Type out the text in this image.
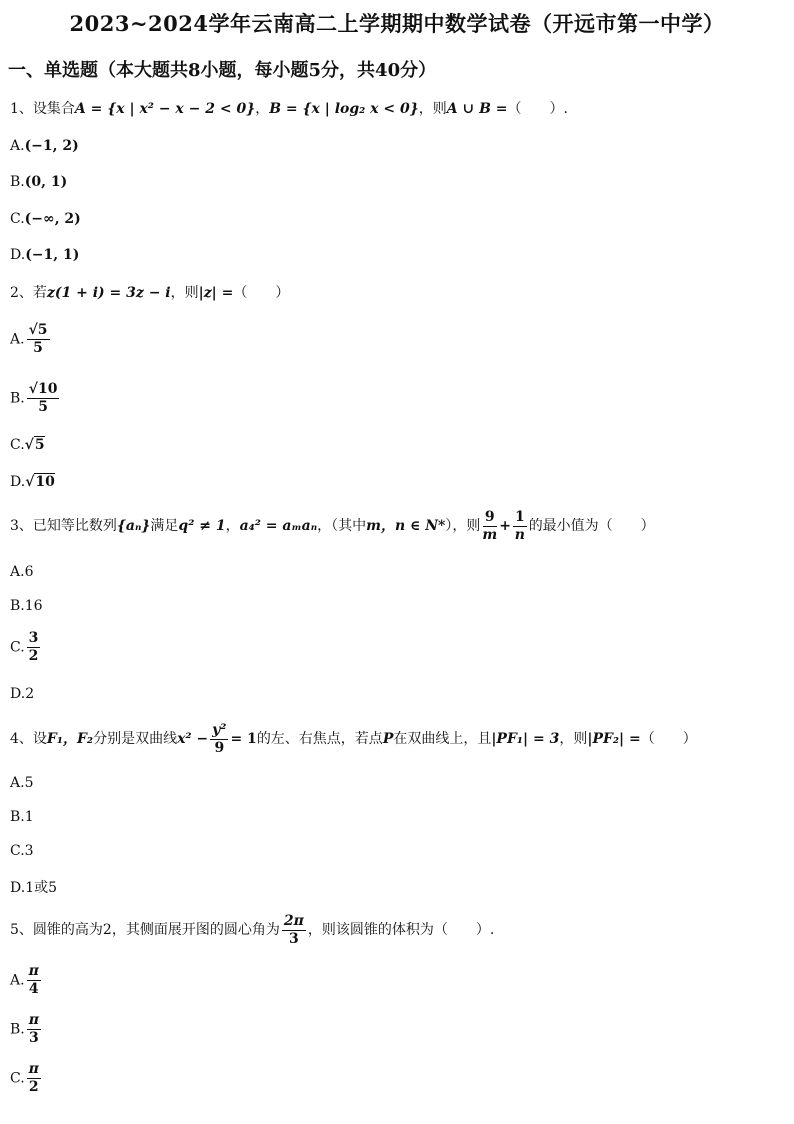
2023~2024学年云南高二上学期期中数学试卷（开远市第一中学）
一、单选题（本大题共8小题，每小题5分，共40分）
1、设集合A = {x | x² − x − 2 < 0}，B = {x | log₂ x < 0}，则A ∪ B =（　　）.
A.(−1, 2)
B.(0, 1)
C.(−∞, 2)
D.(−1, 1)
2、若z(1 + i) = 3z − i，则|z| =（　　）
A. $\frac{√5}{5}$
B. $\frac{√10}{5}$
C.√5
D.√10
3、已知等比数列{aₙ}满足q² ≠ 1，a₄² = aₘaₙ，（其中m，n ∈ N*），则 $\frac{9}{m} + \frac{1}{n}$ 的最小值为（　　）
A.6
B.16
C. $\frac{3}{2}$
D.2
4、设F₁，F₂分别是双曲线$x^2 - \frac{\text{y²}}{9} = 1$的左、右焦点，若点P在双曲线上，且|PF₁| = 3，则|PF₂| =（　　）
A.5
B.1
C.3
D.1或5
5、圆锥的高为2，其侧面展开图的圆心角为 $\frac{2\pi}{3}$ ，则该圆锥的体积为（　　）.
A. $\frac{\pi}{4}$
B. $\frac{\pi}{3}$
C. $\frac{\pi}{2}$
